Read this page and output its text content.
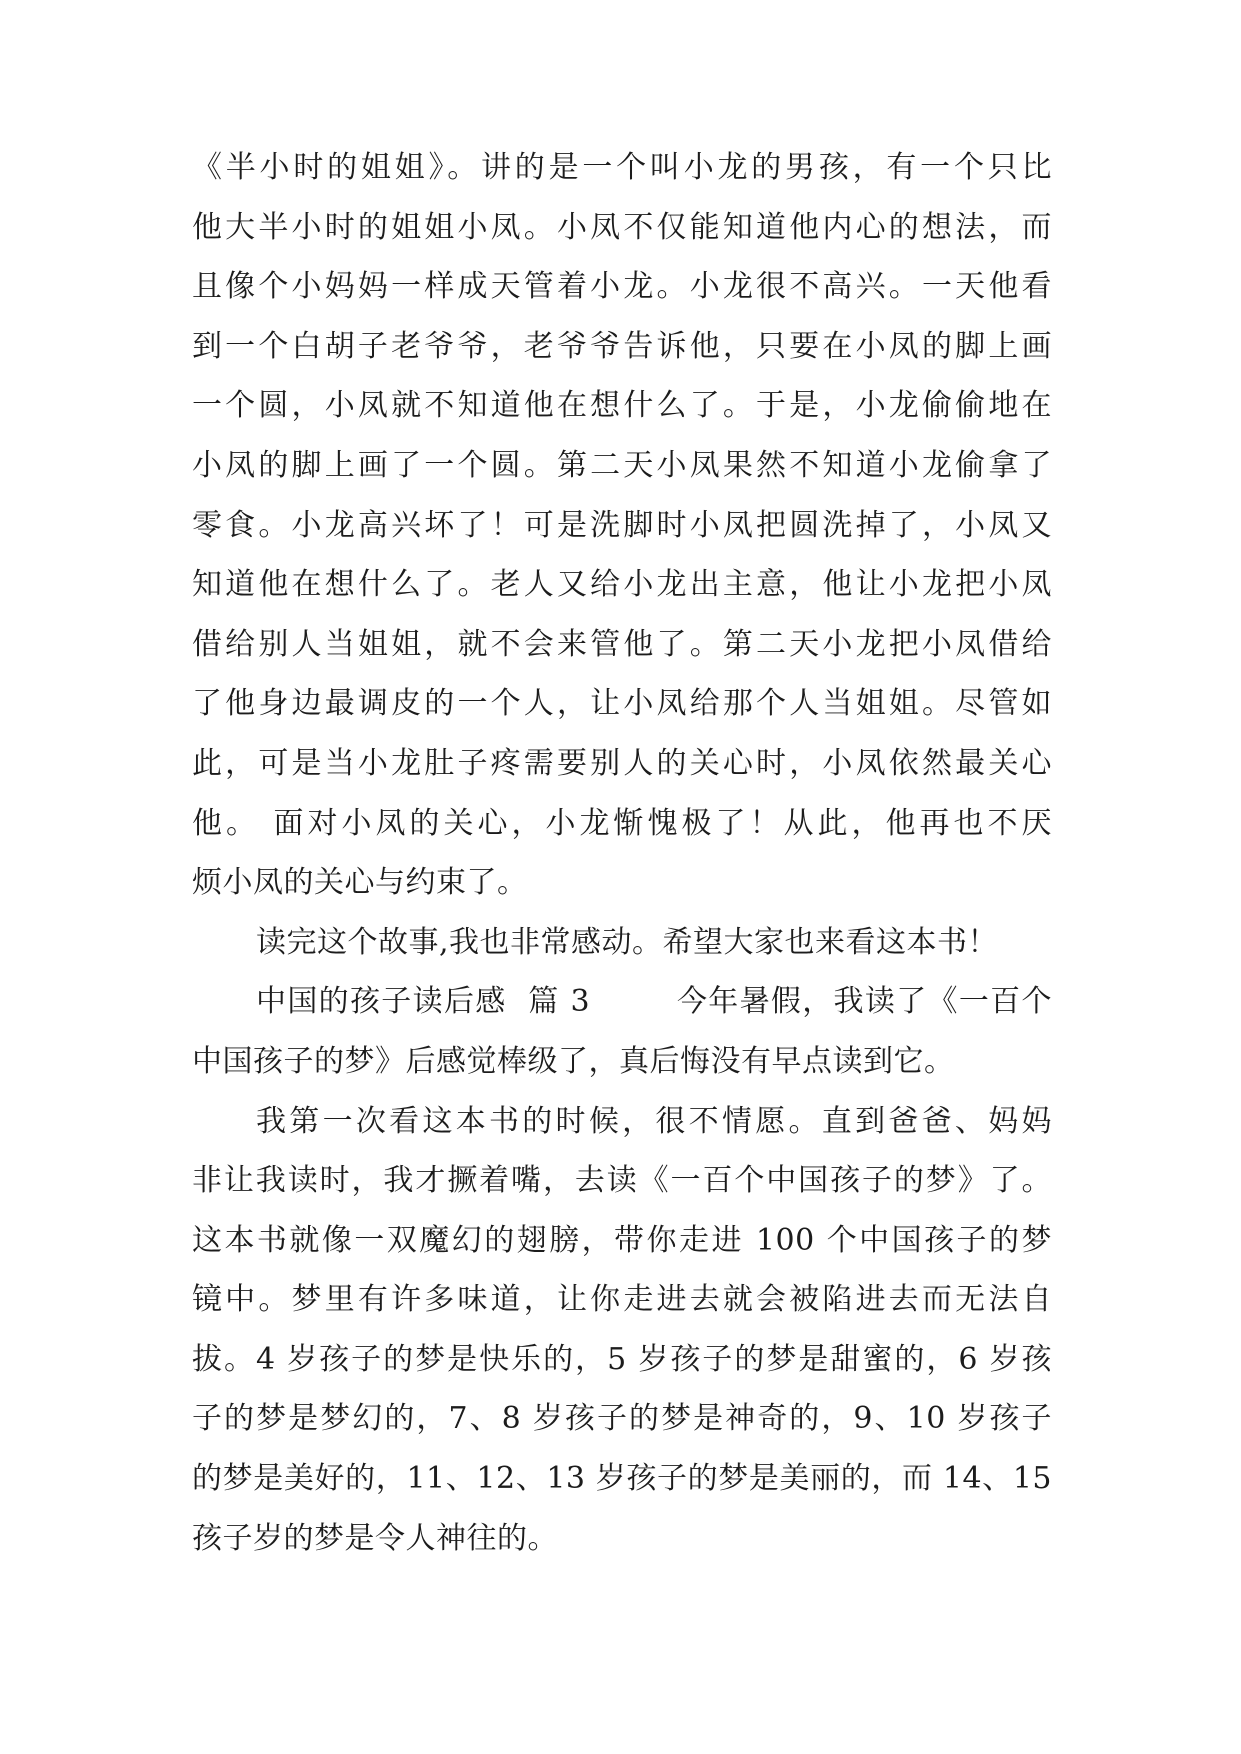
《半小时的姐姐》。讲的是一个叫小龙的男孩，有一个只比
他大半小时的姐姐小凤。小凤不仅能知道他内心的想法，而
且像个小妈妈一样成天管着小龙。小龙很不高兴。一天他看
到一个白胡子老爷爷，老爷爷告诉他，只要在小凤的脚上画
一个圆，小凤就不知道他在想什么了。于是，小龙偷偷地在
小凤的脚上画了一个圆。第二天小凤果然不知道小龙偷拿了
零食。小龙高兴坏了！可是洗脚时小凤把圆洗掉了，小凤又
知道他在想什么了。老人又给小龙出主意，他让小龙把小凤
借给别人当姐姐，就不会来管他了。第二天小龙把小凤借给
了他身边最调皮的一个人，让小凤给那个人当姐姐。尽管如
此，可是当小龙肚子疼需要别人的关心时，小凤依然最关心
他。 面对小凤的关心，小龙惭愧极了！从此，他再也不厌
烦小凤的关心与约束了。
读完这个故事,我也非常感动。希望大家也来看这本书！
中国的孩子读后感  篇 3        今年暑假，我读了《一百个
中国孩子的梦》后感觉棒级了，真后悔没有早点读到它。
我第一次看这本书的时候，很不情愿。直到爸爸、妈妈
非让我读时，我才撅着嘴，去读《一百个中国孩子的梦》了。
这本书就像一双魔幻的翅膀，带你走进 100 个中国孩子的梦
镜中。梦里有许多味道，让你走进去就会被陷进去而无法自
拔。4 岁孩子的梦是快乐的，5 岁孩子的梦是甜蜜的，6 岁孩
子的梦是梦幻的，7、8 岁孩子的梦是神奇的，9、10 岁孩子
的梦是美好的，11、12、13 岁孩子的梦是美丽的，而 14、15
孩子岁的梦是令人神往的。
